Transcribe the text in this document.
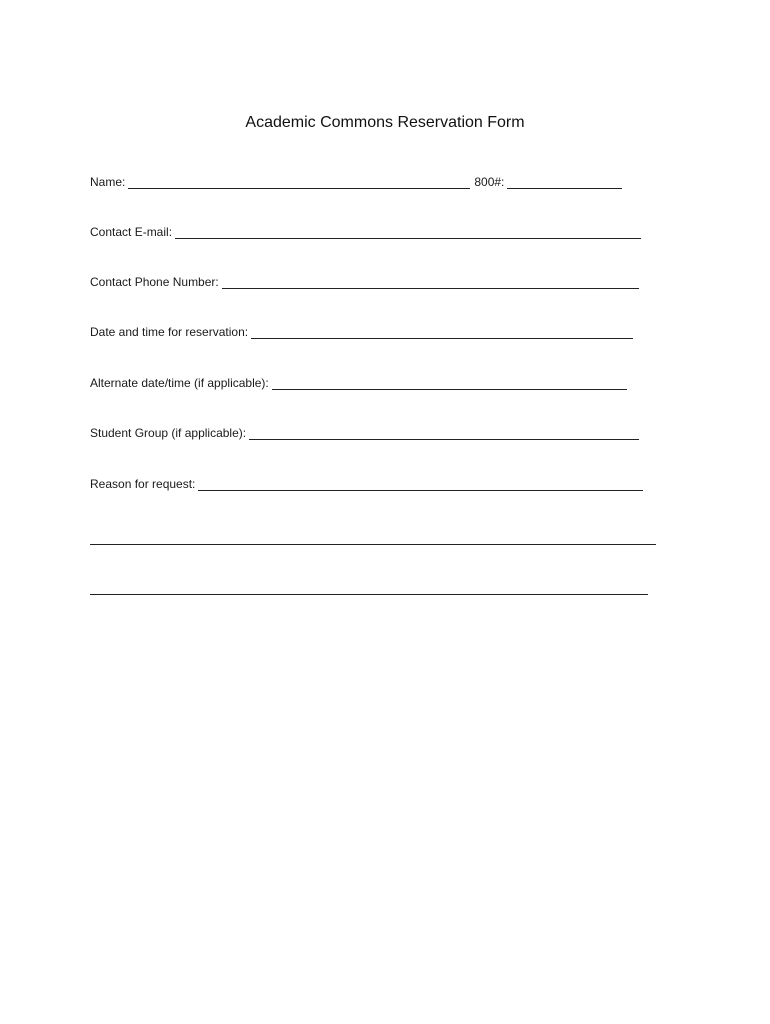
Academic Commons Reservation Form
Name:	800#:
Contact E-mail:
Contact Phone Number:
Date and time for reservation:
Alternate date/time (if applicable):
Student Group (if applicable):
Reason for request:
